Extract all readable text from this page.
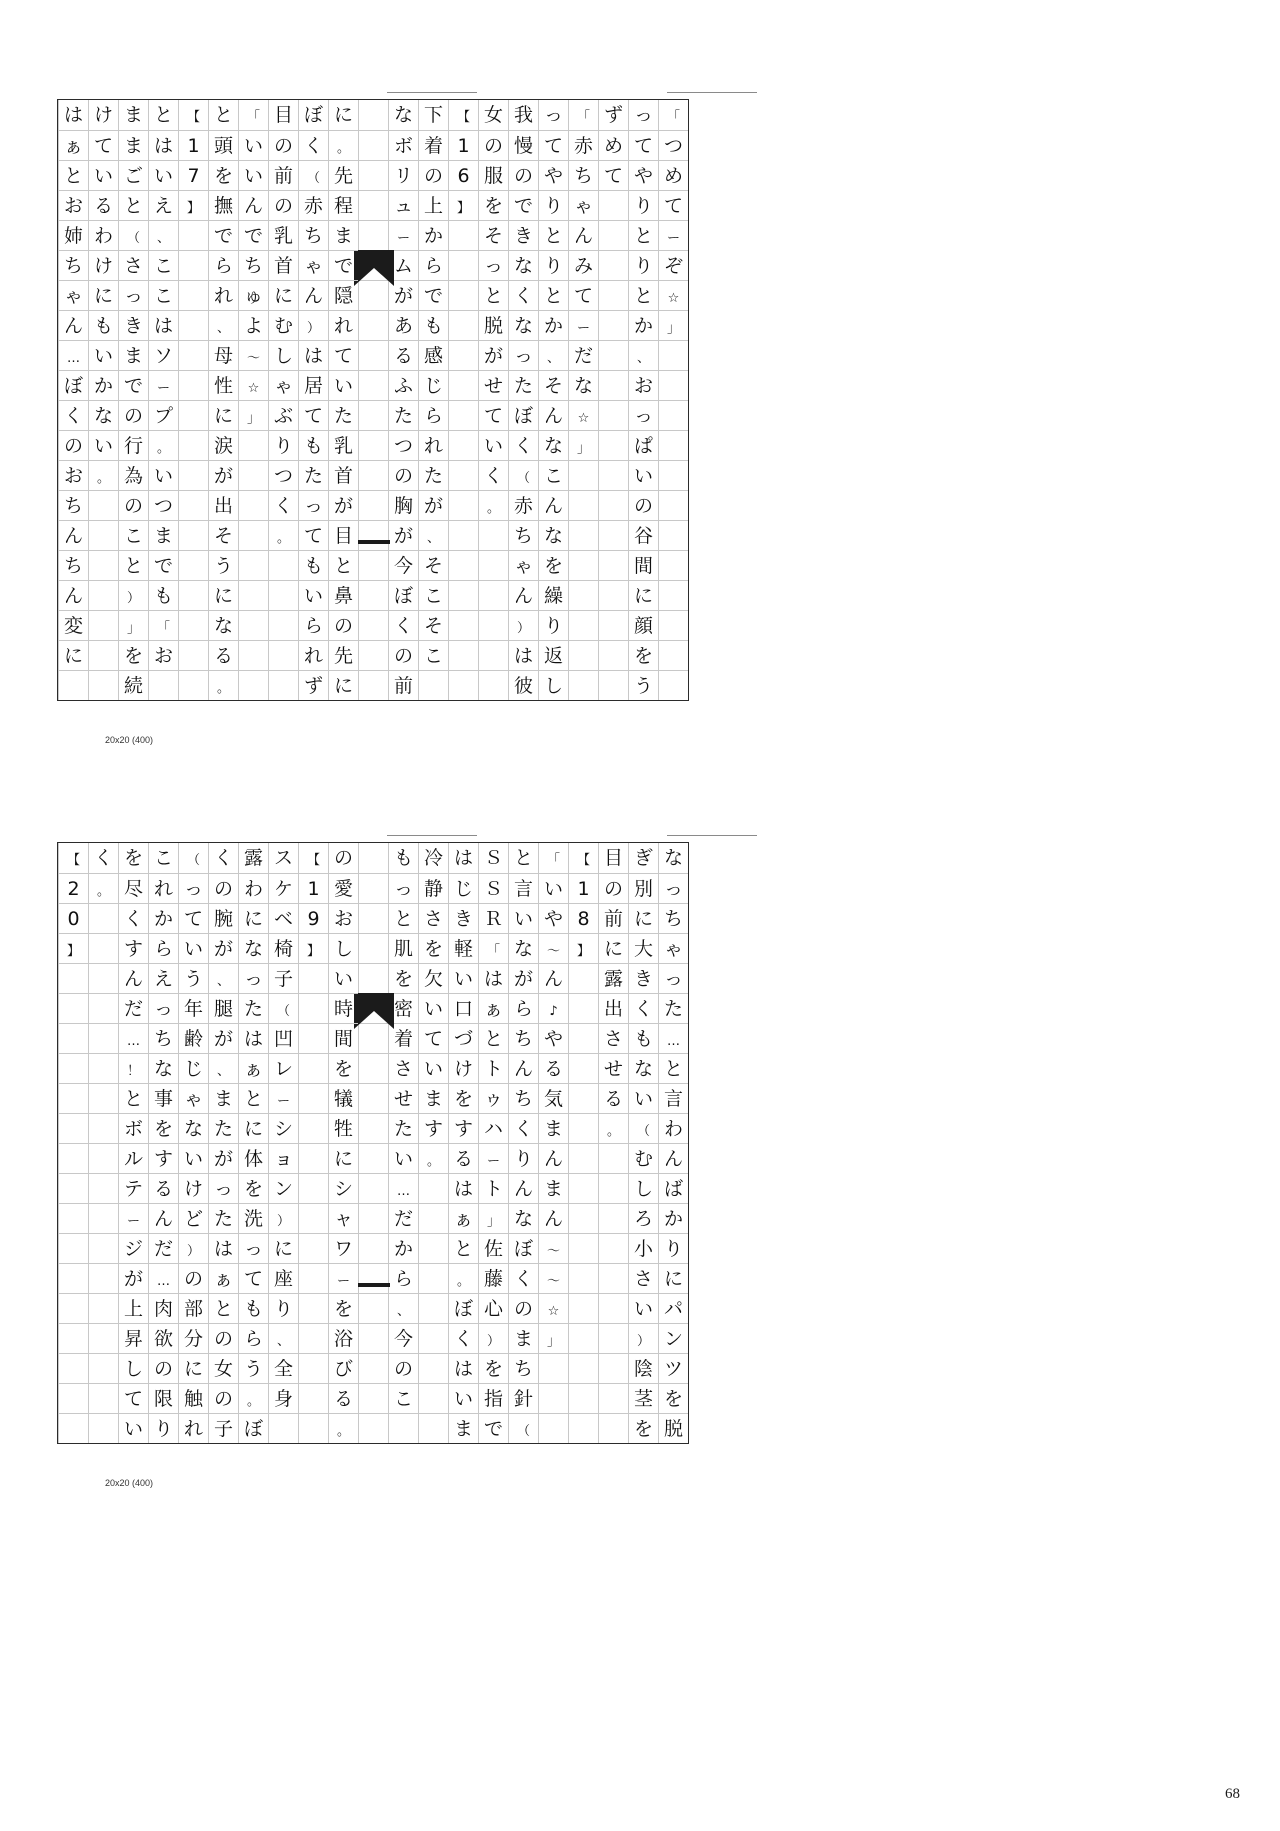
「
つ
め
て
ー
ぞ
☆
」
っ
て
や
り
と
り
と
か
、
お
っ
ぱ
い
の
谷
間
に
顔
を
う
ず
め
て
「
赤
ち
ゃ
ん
み
て
ー
だ
な
☆
」
っ
て
や
り
と
り
と
か
、
そ
ん
な
こ
ん
な
を
繰
り
返
し
我
慢
の
で
き
な
く
な
っ
た
ぼ
く
（
赤
ち
ゃ
ん
）
は
彼
女
の
服
を
そ
っ
と
脱
が
せ
て
い
く
。
【
1
6
】
下
着
の
上
か
ら
で
も
感
じ
ら
れ
た
が
、
そ
こ
そ
こ
な
ボ
リ
ュ
ー
ム
が
あ
る
ふ
た
つ
の
胸
が
今
ぼ
く
の
前
に
。
先
程
ま
で
隠
れ
て
い
た
乳
首
が
目
と
鼻
の
先
に
ぼ
く
（
赤
ち
ゃ
ん
）
は
居
て
も
た
っ
て
も
い
ら
れ
ず
目
の
前
の
乳
首
に
む
し
ゃ
ぶ
り
つ
く
。
「
い
い
ん
で
ち
ゅ
よ
～
☆
」
と
頭
を
撫
で
ら
れ
、
母
性
に
涙
が
出
そ
う
に
な
る
。
【
1
7
】
と
は
い
え
、
こ
こ
は
ソ
ー
プ
。
い
つ
ま
で
も
「
お
ま
ま
ご
と
（
さ
っ
き
ま
で
の
行
為
の
こ
と
）
」
を
続
け
て
い
る
わ
け
に
も
い
か
な
い
。
は
ぁ
と
お
姉
ち
ゃ
ん
…
ぼ
く
の
お
ち
ん
ち
ん
変
に
20x20 (400)
な
っ
ち
ゃ
っ
た
…
と
言
わ
ん
ば
か
り
に
パ
ン
ツ
を
脱
ぎ
別
に
大
き
く
も
な
い
（
む
し
ろ
小
さ
い
）
陰
茎
を
目
の
前
に
露
出
さ
せ
る
。
【
1
8
】
「
い
や
～
ん
♪
や
る
気
ま
ん
ま
ん
～
～
☆
」
と
言
い
な
が
ら
ち
ん
ち
く
り
ん
な
ぼ
く
の
ま
ち
針
（
Ｓ
Ｓ
Ｒ
「
は
ぁ
と
ト
ゥ
ハ
ー
ト
」
佐
藤
心
）
を
指
で
は
じ
き
軽
い
口
づ
け
を
す
る
は
ぁ
と
。
ぼ
く
は
い
ま
冷
静
さ
を
欠
い
て
い
ま
す
。
も
っ
と
肌
を
密
着
さ
せ
た
い
…
だ
か
ら
、
今
の
こ
の
愛
お
し
い
時
間
を
犠
牲
に
シ
ャ
ワ
ー
を
浴
び
る
。
【
1
9
】
ス
ケ
ベ
椅
子
（
凹
レ
ー
シ
ョ
ン
）
に
座
り
、
全
身
露
わ
に
な
っ
た
は
ぁ
と
に
体
を
洗
っ
て
も
ら
う
。
ぼ
く
の
腕
が
、
腿
が
、
ま
た
が
っ
た
は
ぁ
と
の
女
の
子
（
っ
て
い
う
年
齢
じ
ゃ
な
い
け
ど
）
の
部
分
に
触
れ
こ
れ
か
ら
え
っ
ち
な
事
を
す
る
ん
だ
…
肉
欲
の
限
り
を
尽
く
す
ん
だ
…
！
と
ボ
ル
テ
ー
ジ
が
上
昇
し
て
い
く
。
【
2
0
】
20x20 (400)
68
